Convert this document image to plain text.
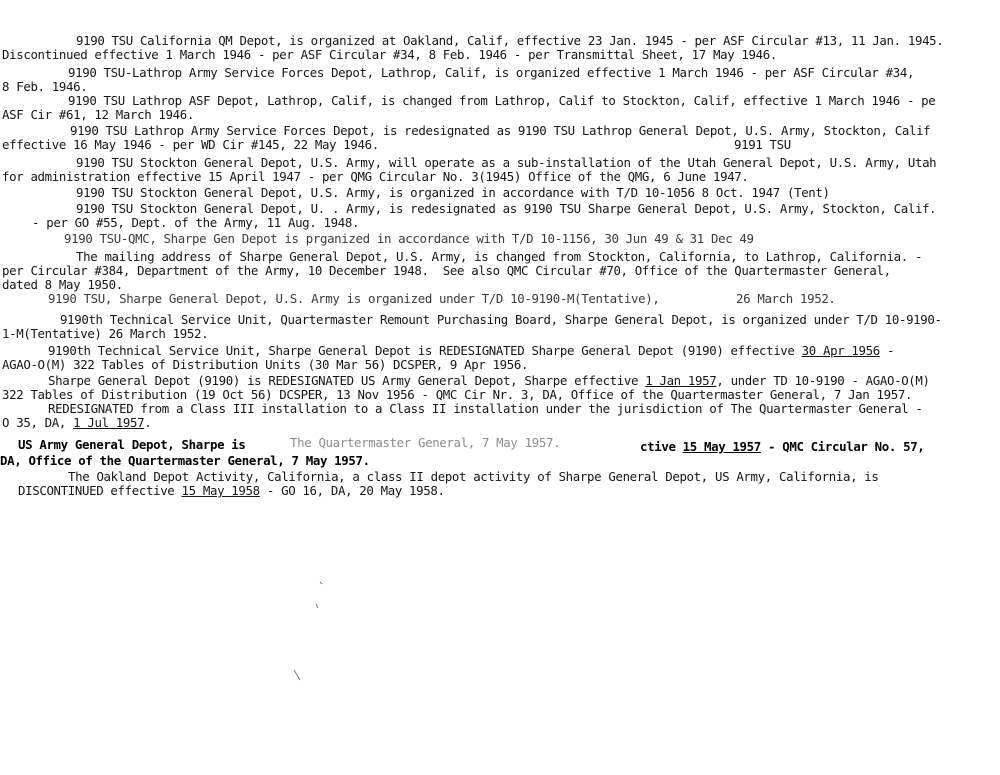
9190 TSU California QM Depot, is organized at Oakland, Calif, effective 23 Jan. 1945 - per ASF Circular #13, 11 Jan. 1945.

Discontinued effective 1 March 1946 - per ASF Circular #34, 8 Feb. 1946 - per Transmittal Sheet, 17 May 1946.

9190 TSU-Lathrop Army Service Forces Depot, Lathrop, Calif, is organized effective 1 March 1946 - per ASF Circular #34,

8 Feb. 1946.

9190 TSU Lathrop ASF Depot, Lathrop, Calif, is changed from Lathrop, Calif to Stockton, Calif, effective 1 March 1946 - pe

ASF Cir #61, 12 March 1946.

9190 TSU Lathrop Army Service Forces Depot, is redesignated as 9190 TSU Lathrop General Depot, U.S. Army, Stockton, Calif

effective 16 May 1946 - per WD Cir #145, 22 May 1946.	9191 TSU

9190 TSU Stockton General Depot, U.S. Army, will operate as a sub-installation of the Utah General Depot, U.S. Army, Utah

for administration effective 15 April 1947 - per QMG Circular No. 3(1945) Office of the QMG, 6 June 1947.

9190 TSU Stockton General Depot, U.S. Army, is organized in accordance with T/D 10-1056 8 Oct. 1947 (Tent)

9190 TSU Stockton General Depot, U. . Army, is redesignated as 9190 TSU Sharpe General Depot, U.S. Army, Stockton, Calif.

- per GO #55, Dept. of the Army, 11 Aug. 1948.

9190 TSU-QMC, Sharpe Gen Depot is prganized in accordance with T/D 10-1156, 30 Jun 49 & 31 Dec 49

The mailing address of Sharpe General Depot, U.S. Army, is changed from Stockton, California, to Lathrop, California. -

per Circular #384, Department of the Army, 10 December 1948.  See also QMC Circular #70, Office of the Quartermaster General,

dated 8 May 1950.

9190 TSU, Sharpe General Depot, U.S. Army is organized under T/D 10-9190-M(Tentative),	26 March 1952.

9190th Technical Service Unit, Quartermaster Remount Purchasing Board, Sharpe General Depot, is organized under T/D 10-9190-

1-M(Tentative) 26 March 1952.

9190th Technical Service Unit, Sharpe General Depot is REDESIGNATED Sharpe General Depot (9190) effective 30 Apr 1956 -

AGAO-O(M) 322 Tables of Distribution Units (30 Mar 56) DCSPER, 9 Apr 1956.

Sharpe General Depot (9190) is REDESIGNATED US Army General Depot, Sharpe effective 1 Jan 1957, under TD 10-9190 - AGAO-O(M)

322 Tables of Distribution (19 Oct 56) DCSPER, 13 Nov 1956 - QMC Cir Nr. 3, DA, Office of the Quartermaster General, 7 Jan 1957.

REDESIGNATED from a Class III installation to a Class II installation under the jurisdiction of The Quartermaster General -

O 35, DA, 1 Jul 1957.

US Army General Depot, Sharpe is	The Quartermaster General, 7 May 1957.	ctive 15 May 1957 - QMC Circular No. 57,

DA, Office of the Quartermaster General, 7 May 1957.

The Oakland Depot Activity, California, a class II depot activity of Sharpe General Depot, US Army, California, is

DISCONTINUED effective 15 May 1958 - GO 16, DA, 20 May 1958.
